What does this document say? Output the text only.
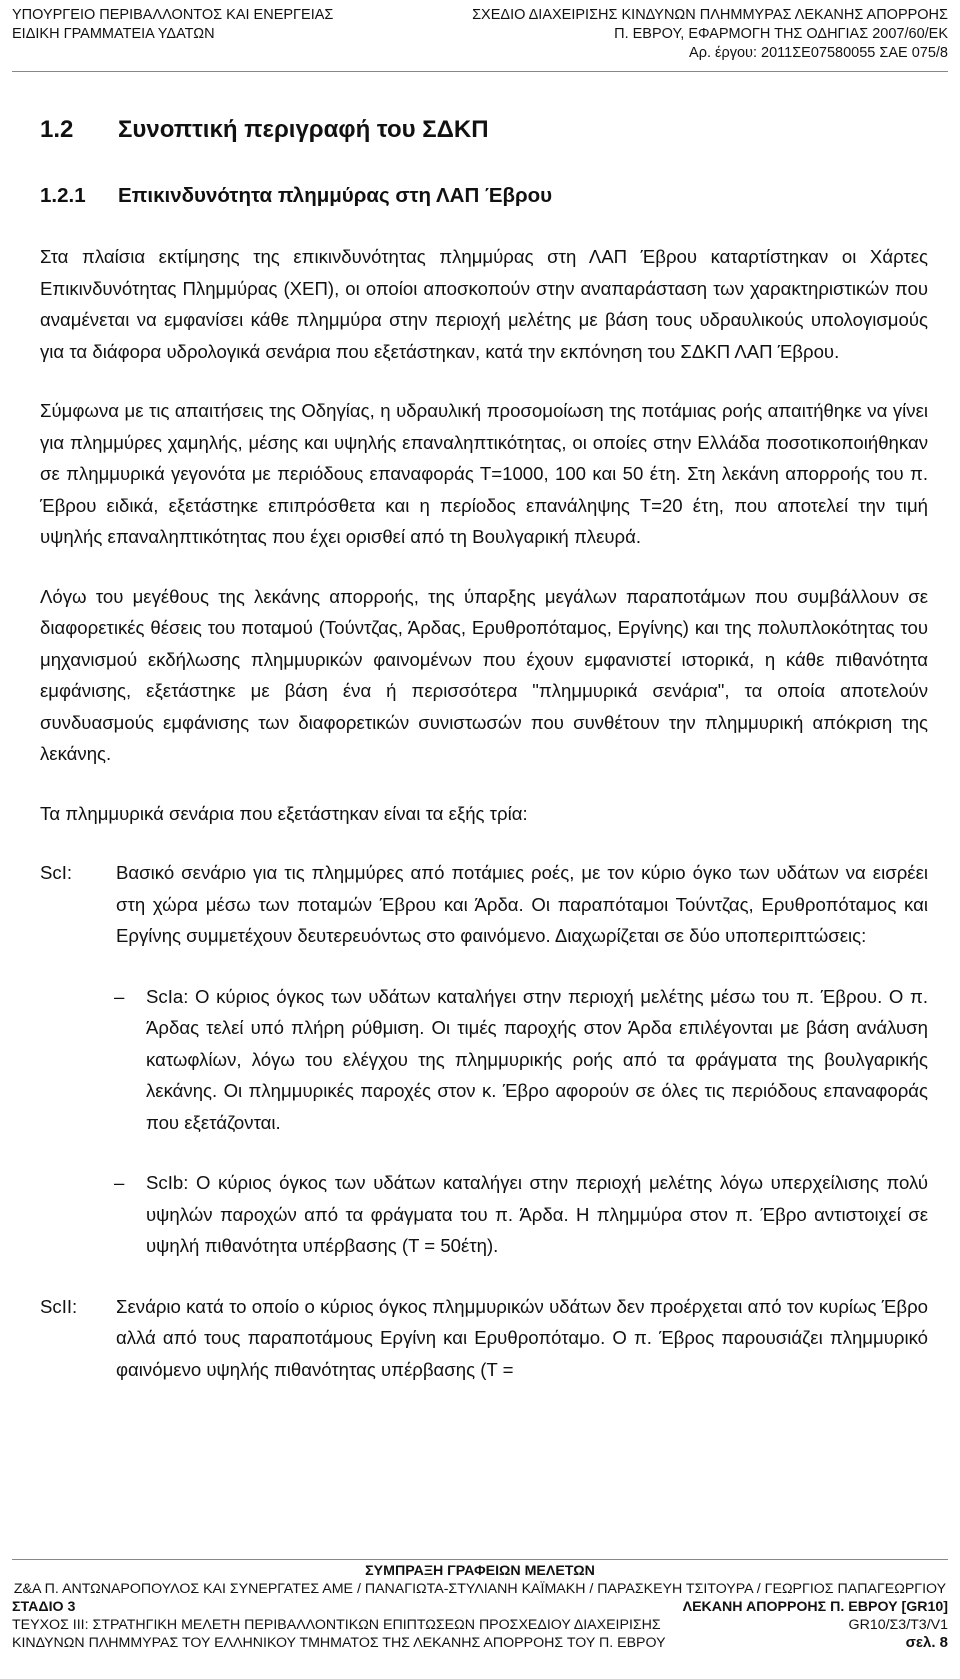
ΥΠΟΥΡΓΕΙΟ ΠΕΡΙΒΑΛΛΟΝΤΟΣ ΚΑΙ ΕΝΕΡΓΕΙΑΣ	ΣΧΕΔΙΟ ΔΙΑΧΕΙΡΙΣΗΣ ΚΙΝΔΥΝΩΝ ΠΛΗΜΜΥΡΑΣ ΛΕΚΑΝΗΣ ΑΠΟΡΡΟΗΣ
ΕΙΔΙΚΗ ΓΡΑΜΜΑΤΕΙΑ ΥΔΑΤΩΝ	Π. ΕΒΡΟΥ, ΕΦΑΡΜΟΓΗ ΤΗΣ ΟΔΗΓΙΑΣ 2007/60/ΕΚ
Αρ. έργου: 2011ΣΕ07580055 ΣΑΕ 075/8
1.2 Συνοπτική περιγραφή του ΣΔΚΠ
1.2.1 Επικινδυνότητα πλημμύρας στη ΛΑΠ Έβρου

Στα πλαίσια εκτίμησης της επικινδυνότητας πλημμύρας στη ΛΑΠ Έβρου καταρτίστηκαν οι Χάρτες Επικινδυνότητας Πλημμύρας (ΧΕΠ), οι οποίοι αποσκοπούν στην αναπαράσταση των χαρακτηριστικών που αναμένεται να εμφανίσει κάθε πλημμύρα στην περιοχή μελέτης με βάση τους υδραυλικούς υπολογισμούς για τα διάφορα υδρολογικά σενάρια που εξετάστηκαν, κατά την εκπόνηση του ΣΔΚΠ ΛΑΠ Έβρου.

Σύμφωνα με τις απαιτήσεις της Οδηγίας, η υδραυλική προσομοίωση της ποτάμιας ροής απαιτήθηκε να γίνει για πλημμύρες χαμηλής, μέσης και υψηλής επαναληπτικότητας, οι οποίες στην Ελλάδα ποσοτικοποιήθηκαν σε πλημμυρικά γεγονότα με περιόδους επαναφοράς Τ=1000, 100 και 50 έτη. Στη λεκάνη απορροής του π. Έβρου ειδικά, εξετάστηκε επιπρόσθετα και η περίοδος επανάληψης Τ=20 έτη, που αποτελεί την τιμή υψηλής επαναληπτικότητας που έχει ορισθεί από τη Βουλγαρική πλευρά.

Λόγω του μεγέθους της λεκάνης απορροής, της ύπαρξης μεγάλων παραποτάμων που συμβάλλουν σε διαφορετικές θέσεις του ποταμού (Τούντζας, Άρδας, Ερυθροπόταμος, Εργίνης) και της πολυπλοκότητας του μηχανισμού εκδήλωσης πλημμυρικών φαινομένων που έχουν εμφανιστεί ιστορικά, η κάθε πιθανότητα εμφάνισης, εξετάστηκε με βάση ένα ή περισσότερα "πλημμυρικά σενάρια", τα οποία αποτελούν συνδυασμούς εμφάνισης των διαφορετικών συνιστωσών που συνθέτουν την πλημμυρική απόκριση της λεκάνης.

Τα πλημμυρικά σενάρια που εξετάστηκαν είναι τα εξής τρία:

ScI:	Βασικό σενάριο για τις πλημμύρες από ποτάμιες ροές, με τον κύριο όγκο των υδάτων να εισρέει στη χώρα μέσω των ποταμών Έβρου και Άρδα. Οι παραπόταμοι Τούντζας, Ερυθροπόταμος και Εργίνης συμμετέχουν δευτερευόντως στο φαινόμενο. Διαχωρίζεται σε δύο υποπεριπτώσεις:
–	ScIa: Ο κύριος όγκος των υδάτων καταλήγει στην περιοχή μελέτης μέσω του π. Έβρου. Ο π. Άρδας τελεί υπό πλήρη ρύθμιση. Οι τιμές παροχής στον Άρδα επιλέγονται με βάση ανάλυση κατωφλίων, λόγω του ελέγχου της πλημμυρικής ροής από τα φράγματα της βουλγαρικής λεκάνης. Οι πλημμυρικές παροχές στον κ. Έβρο αφορούν σε όλες τις περιόδους επαναφοράς που εξετάζονται.
–	ScIb: Ο κύριος όγκος των υδάτων καταλήγει στην περιοχή μελέτης λόγω υπερχείλισης πολύ υψηλών παροχών από τα φράγματα του π. Άρδα. Η πλημμύρα στον π. Έβρο αντιστοιχεί σε υψηλή πιθανότητα υπέρβασης (Τ = 50έτη).
ScII:	Σενάριο κατά το οποίο ο κύριος όγκος πλημμυρικών υδάτων δεν προέρχεται από τον κυρίως Έβρο αλλά από τους παραποτάμους Εργίνη και Ερυθροπόταμο. Ο π. Έβρος παρουσιάζει πλημμυρικό φαινόμενο υψηλής πιθανότητας υπέρβασης (Τ =
ΣΥΜΠΡΑΞΗ ΓΡΑΦΕΙΩΝ ΜΕΛΕΤΩΝ
Ζ&Α Π. ΑΝΤΩΝΑΡΟΠΟΥΛΟΣ ΚΑΙ ΣΥΝΕΡΓΑΤΕΣ ΑΜΕ / ΠΑΝΑΓΙΩΤΑ-ΣΤΥΛΙΑΝΗ ΚΑΪΜΑΚΗ / ΠΑΡΑΣΚΕΥΗ ΤΣΙΤΟΥΡΑ / ΓΕΩΡΓΙΟΣ ΠΑΠΑΓΕΩΡΓΙΟΥ
ΣΤΑΔΙΟ 3	ΛΕΚΑΝΗ ΑΠΟΡΡΟΗΣ Π. ΕΒΡΟΥ [GR10]
ΤΕΥΧΟΣ ΙΙΙ: ΣΤΡΑΤΗΓΙΚΗ ΜΕΛΕΤΗ ΠΕΡΙΒΑΛΛΟΝΤΙΚΩΝ ΕΠΙΠΤΩΣΕΩΝ ΠΡΟΣΧΕΔΙΟΥ ΔΙΑΧΕΙΡΙΣΗΣ	GR10/Σ3/Τ3/V1
ΚΙΝΔΥΝΩΝ ΠΛΗΜΜΥΡΑΣ ΤΟΥ ΕΛΛΗΝΙΚΟΥ ΤΜΗΜΑΤΟΣ ΤΗΣ ΛΕΚΑΝΗΣ ΑΠΟΡΡΟΗΣ ΤΟΥ Π. ΕΒΡΟΥ	σελ. 8
